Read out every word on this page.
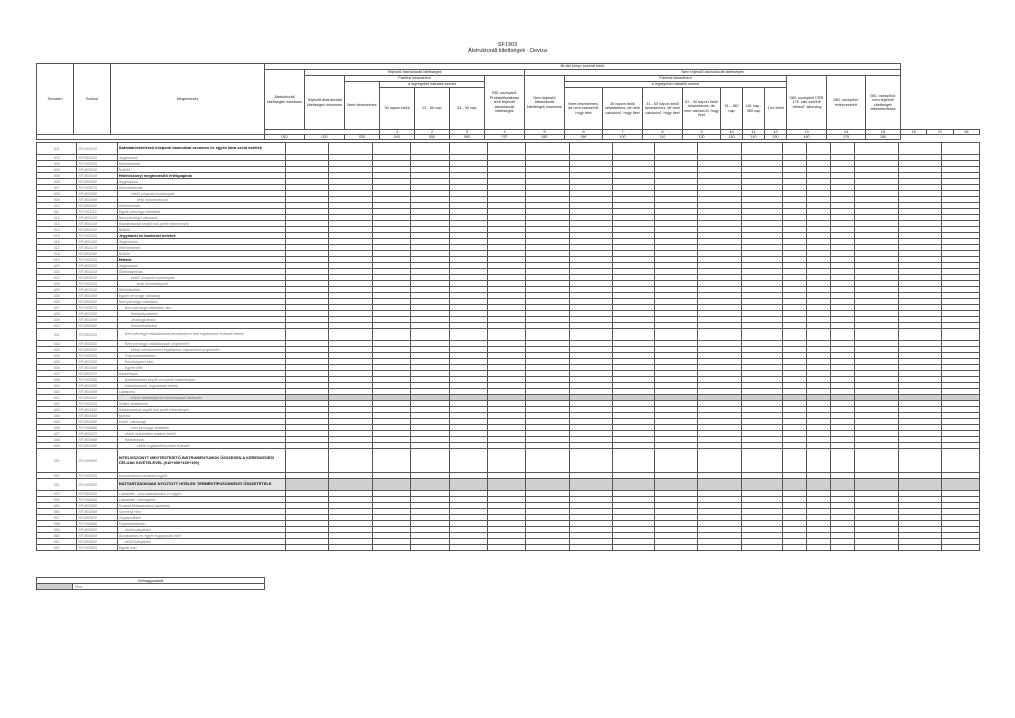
SF1903
Átstrukturált kitettségek - Deviza
Sorszám	Sorkód	Megnevezés	Bruttó könyv szerinti érték																				
			Átstrukturált kitettségek összesen	Teljesítő átstrukturált kitettségek						Nem teljesítő átstrukturált kitettségek													
				Teljesítő átstrukturált kitettségek összesen	Fizetési késedelem				030. oszlopból: Próbaidőszakban lévő teljesítő átstrukturált kitettségek	Nem teljesítő átstrukturált kitettségek összesen	Fizetési késedelem							080. oszlopból CRR 178. cikk szerinti "default" állomány	080. oszlopból: értékvesztett	080. oszlopból: nem teljesítő kitettségek átstrukturálása			
					Nem késedelmes	a legrégebbi hátralék szerint					a legrégebbi hátralék szerint												
						30 napon belül	21 - 60 nap	61 - 90 nap			Nem késedelmes, de nem valószínű, hogy fizet	30 napon belül késedelmes, de nem valószínű, hogy fizet	31 - 60 napon belül késedelmes, de nem valószínű, hogy fizet	61 - 90 napon belül késedelmes, de nem valószínű, hogy fizet	91 - 180 nap	181 nap - 365 nap	1 év felett						
						1	2	3	4	5	6	7	8	9	10	11	12	13	14	15	16	17	18
			010	020	030	040	050	060	070	080	090	100	110	120	130	140	150	160	170	180			
001	SF1903010	Számlakövetelések központi bankokkal szemben és egyéb látra szóló betétek																		
002	SF1903020	Jegybankok																		
003	SF1903030	Hitelintézetek																		
004	SF1903040	Nulfóld																		
005	SF1903050	Hitelviszonyt megtestesítő értékpapírok																		
006	SF1903060	Jegybankok																		
007	SF1903070	Államháztartás																		
008	SF1903080	ebből: központi kormányzat																		
009	SF1903090	helyi önkormányzat																		
010	SF1903100	Hitelintézetek																		
011	SF1903110	Egyéb pénzügyi vállalatok																		
012	SF1903120	Nem pénzügyi vállalatok																		
013	SF1903130	Háztartásokat segítő non-profit intézmények																		
014	SF1903140	Nulfóld																		
015	SF1903150	Jegybanki és bankközi betétek																		
016	SF1903160	Jegybankok																		
017	SF1903170	Hitelintézetek																		
018	SF1903180	Nulfóld																		
019	SF1903190	Hitelek																		
020	SF1903200	Jegybankok																		
021	SF1903210	Államháztartás																		
022	SF1903220	ebből: központi kormányzat																		
023	SF1903230	helyi önkormányzat																		
024	SF1903240	Hitelintézetek																		
025	SF1903250	Egyéb pénzügyi vállalatok																		
026	SF1903260	Nem pénzügyi vállalatok																		
027	SF1903270	Nem pénzügyi vállalatok: kkv																		
028	SF1903280	Hitelkártyahitelek																		
029	SF1903290	Jelzálogkölcsön																		
030	SF1903300	Követelésátvétel																		
031	SF1903310	Nem pénzügyi vállalatoknak kereskedelmi célú ingatlanhoz fedezett hitelek																		
032	SF1903320	Nem pénzügyi vállalatoknak: projekthitel																		
033	SF1903330	ebből: kereskedelmi ingatlanhoz kapcsolódó projekthitel																		
034	SF1903340	Folyószámlahitelek																		
035	SF1903350	Pénzforgalmi hitel																		
036	SF1903360	Egyéb hitel																		
037	SF1903370	Háztartások																		
038	SF1903380	Háztartásokat segítő non-profit intézmények																		
039	SF1903390	Háztartásokat: fogyasztási hitelek																		
040	SF1903400	Lakáscélú																		
041	SF1903410	ebből: hitelkártyával összekapcsolt lakáscélú																		
042	SF1903420	Önálló vállalkozók																		
043	SF1903430	Háztartásokat segítő non-profit intézmények																		
044	SF1903440	Nulfóld																		
045	SF1903450	ebből: Lakossági																		
046	SF1903460	nem pénzügyi vállalatok																		
047	SF1903470	ebből: önkéntelen határon belüli																		
048	SF1903480	Háztartások																		
049	SF1903490	ebből: ingatlanfedezettel fedezett																		
050	SF1903500	HITELVISZONYT MEGTESTESÍTŐ INSTRUMENTUMOK ÖSSZESEN A KERESKEDÉSI CÉLÚAK KIVÉTELÉVEL (010+050+150+190)																		
051	SF1903510	Kereskedelmi célúakkal együtt																		
052	SF1903520	HÁZTARTÁSOKNAK NYÚJTOTT HITELEK TERMÉKTÍPUSONKÉNTI ÖSSZETÉTELE																		
053	SF1903530	Lakáshitel - piaci kamatozású és egyéb																		
054	SF1903540	Lakáshitel - támogatott																		
055	SF1903550	Szabad felhasználású lakáshitel																		
056	SF1903560	Személyi hitel																		
057	SF1903570	Gépjárműhitel																		
058	SF1903580	Folyószámlahitel																		
059	SF1903590	ebből kártyahitel																		
060	SF1903600	Áruvásárlási és egyéb fogyasztási hitel																		
061	SF1903610	ebből kártyahitel																		
062	SF1903620	Egyéb hitel																		
Jelmagyarázat
	Tilos
